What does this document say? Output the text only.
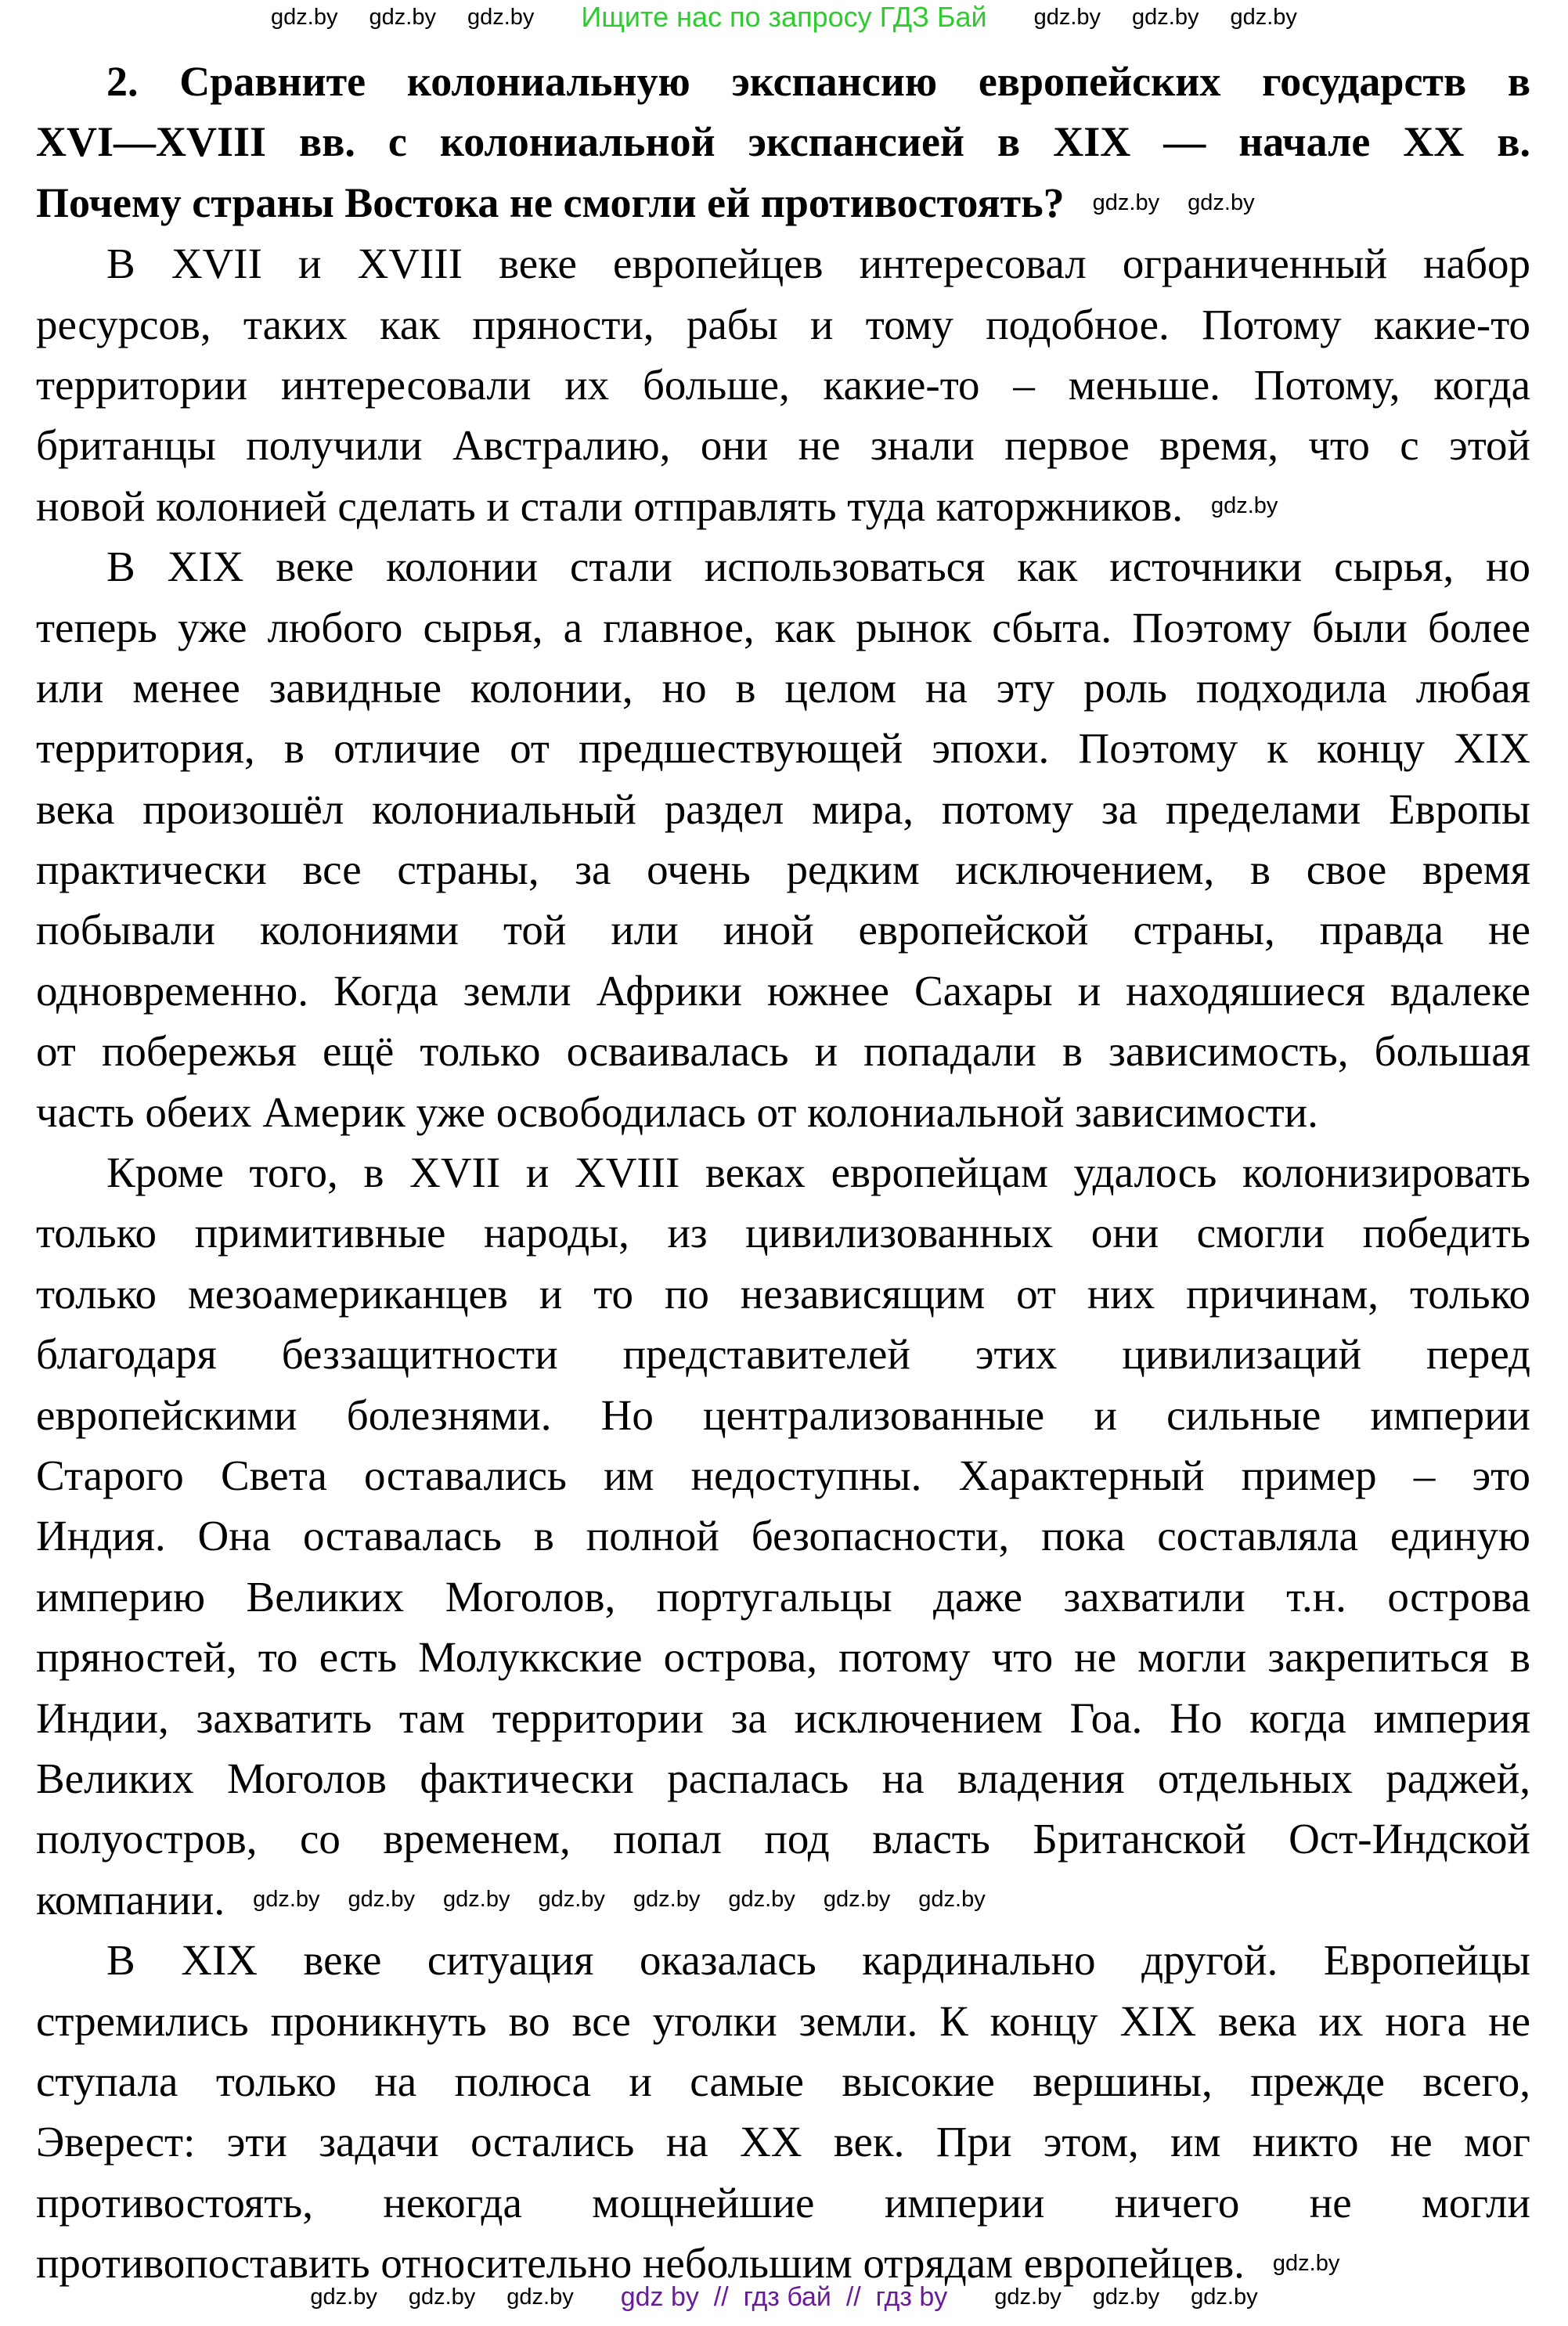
gdz.by gdz.by gdz.by Ищите нас по запросу ГДЗ Бай gdz.by gdz.by gdz.by
2. Сравните колониальную экспансию европейских государств в
XVI—XVIII вв. с колониальной экспансией в XIX — начале XX в.
Почему страны Востока не смогли ей противостоять? gdz.by gdz.by
В XVII и XVIII веке европейцев интересовал ограниченный набор
ресурсов, таких как пряности, рабы и тому подобное. Потому какие-то
территории интересовали их больше, какие-то – меньше. Потому, когда
британцы получили Австралию, они не знали первое время, что с этой
новой колонией сделать и стали отправлять туда каторжников. gdz.by
В XIX веке колонии стали использоваться как источники сырья, но
теперь уже любого сырья, а главное, как рынок сбыта. Поэтому были более
или менее завидные колонии, но в целом на эту роль подходила любая
территория, в отличие от предшествующей эпохи. Поэтому к концу XIX
века произошёл колониальный раздел мира, потому за пределами Европы
практически все страны, за очень редким исключением, в свое время
побывали колониями той или иной европейской страны, правда не
одновременно. Когда земли Африки южнее Сахары и находяшиеся вдалеке
от побережья ещё только осваивалась и попадали в зависимость, большая
часть обеих Америк уже освободилась от колониальной зависимости.
Кроме того, в XVII и XVIII веках европейцам удалось колонизировать
только примитивные народы, из цивилизованных они смогли победить
только мезоамериканцев и то по независящим от них причинам, только
благодаря беззащитности представителей этих цивилизаций перед
европейскими болезнями. Но централизованные и сильные империи
Старого Света оставались им недоступны. Характерный пример – это
Индия. Она оставалась в полной безопасности, пока составляла единую
империю Великих Моголов, португальцы даже захватили т.н. острова
пряностей, то есть Молуккские острова, потому что не могли закрепиться в
Индии, захватить там территории за исключением Гоа. Но когда империя
Великих Моголов фактически распалась на владения отдельных раджей,
полуостров, со временем, попал под власть Британской Ост-Индской
компании. gdz.by gdz.by gdz.by gdz.by gdz.by gdz.by gdz.by gdz.by
В XIX веке ситуация оказалась кардинально другой. Европейцы
стремились проникнуть во все уголки земли. К концу XIX века их нога не
ступала только на полюса и самые высокие вершины, прежде всего,
Эверест: эти задачи остались на XX век. При этом, им никто не мог
противостоять, некогда мощнейшие империи ничего не могли
противопоставить относительно небольшим отрядам европейцев. gdz.by
gdz.by gdz.by gdz.by gdz by  //  гдз бай  //  гдз by gdz.by gdz.by gdz.by
